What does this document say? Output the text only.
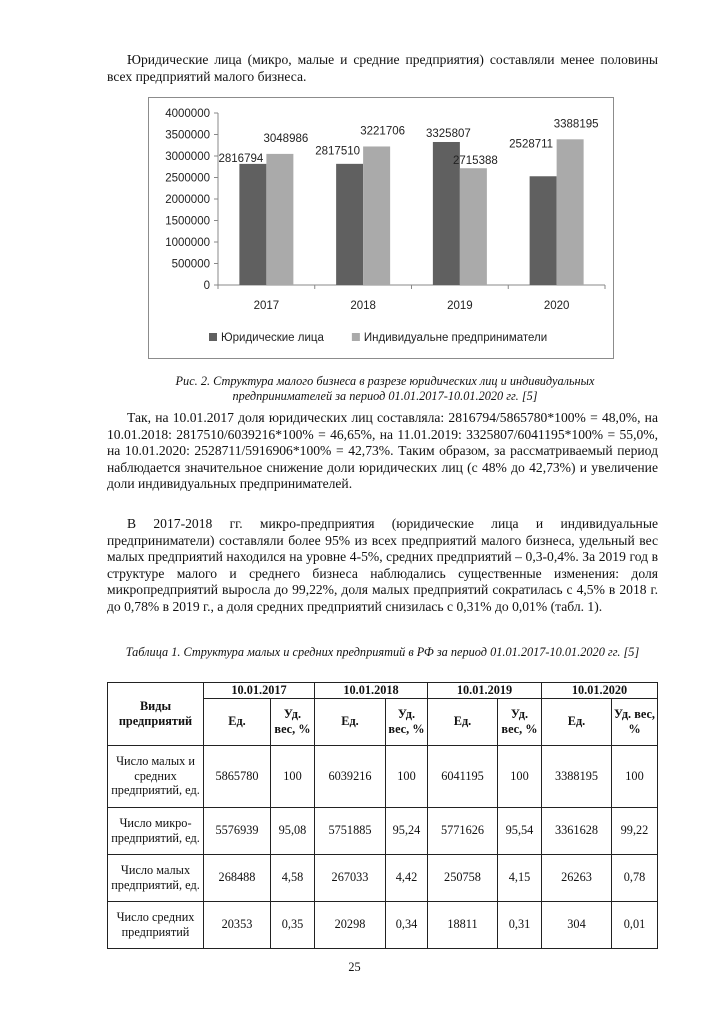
Юридические лица (микро, малые и средние предприятия) составляли менее половины всех предприятий малого бизнеса.

0
500000
1000000
1500000
2000000
2500000
3000000
3500000
4000000
2017
2816794
3048986
2018
2817510
3221706
2019
3325807
2715388
2020
2528711
3388195
Юридические лица	Индивидуальне предприниматели

Рис. 2. Структура малого бизнеса в разрезе юридических лиц и индивидуальных предпринимателей за период 01.01.2017-10.01.2020 гг. [5]

Так, на 10.01.2017 доля юридических лиц составляла: 2816794/5865780*100% = 48,0%, на 10.01.2018: 2817510/6039216*100% = 46,65%, на 11.01.2019: 3325807/6041195*100% = 55,0%, на 10.01.2020: 2528711/5916906*100% = 42,73%. Таким образом, за рассматриваемый период наблюдается значительное снижение доли юридических лиц (с 48% до 42,73%) и увеличение доли индивидуальных предпринимателей.

В 2017-2018 гг. микро-предприятия (юридические лица и индивидуальные предприниматели) составляли более 95% из всех предприятий малого бизнеса, удельный вес малых предприятий находился на уровне 4-5%, средних предприятий – 0,3-0,4%. За 2019 год в структуре малого и среднего бизнеса наблюдались существенные изменения: доля микропредприятий выросла до 99,22%, доля малых предприятий сократилась с 4,5% в 2018 г. до 0,78% в 2019 г., а доля средних предприятий снизилась с 0,31% до 0,01% (табл. 1).

Таблица 1. Структура малых и средних предприятий в РФ за период 01.01.2017-10.01.2020 гг. [5]

Виды предприятий	10.01.2017		10.01.2018		10.01.2019		10.01.2020	
	Ед.	Уд. вес, %	Ед.	Уд. вес, %	Ед.	Уд. вес, %	Ед.	Уд. вес, %
Число малых и средних предприятий, ед.	5865780	100	6039216	100	6041195	100	3388195	100
Число микро-предприятий, ед.	5576939	95,08	5751885	95,24	5771626	95,54	3361628	99,22
Число малых предприятий, ед.	268488	4,58	267033	4,42	250758	4,15	26263	0,78
Число средних предприятий	20353	0,35	20298	0,34	18811	0,31	304	0,01
25
